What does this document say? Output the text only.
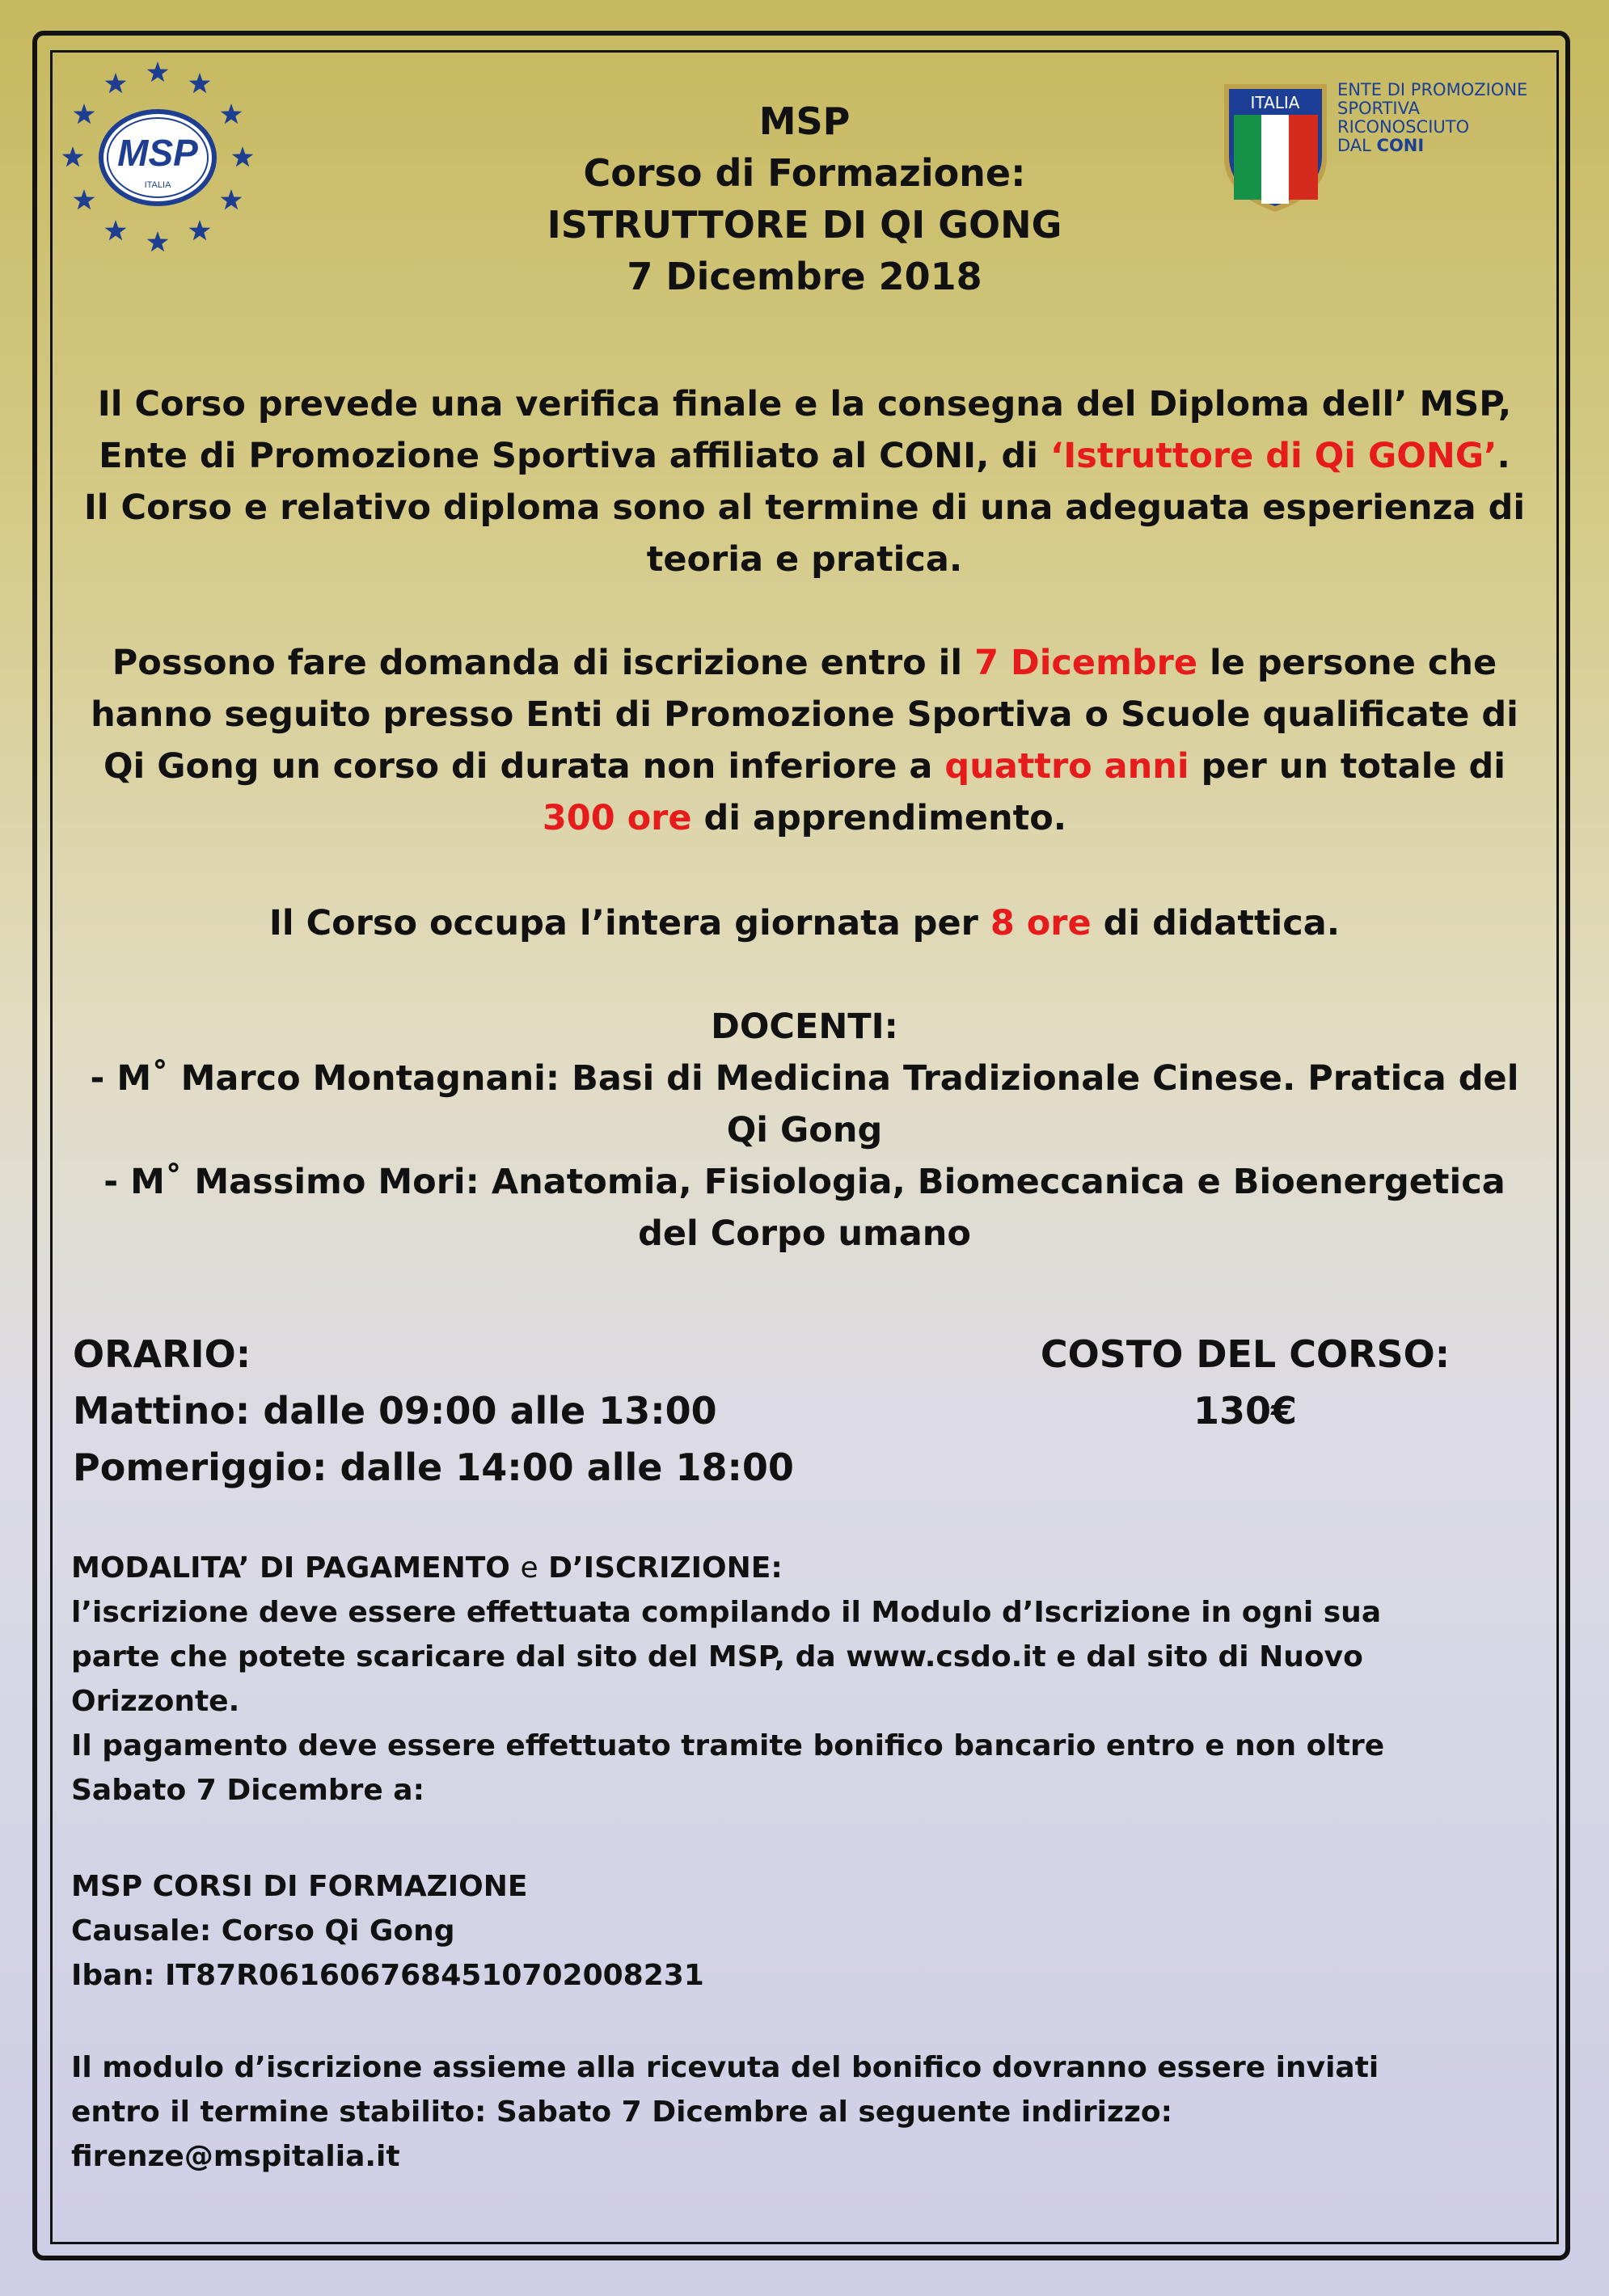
MSP
ITALIA
ITALIA
ENTE DI PROMOZIONE
SPORTIVA
RICONOSCIUTO
DAL CONI
MSP
Corso di Formazione:
ISTRUTTORE DI QI GONG
7 Dicembre 2018
Il Corso prevede una verifica finale e la consegna del Diploma dell’ MSP,
Ente di Promozione Sportiva affiliato al CONI, di ‘Istruttore di Qi GONG’.
Il Corso e relativo diploma sono al termine di una adeguata esperienza di
teoria e pratica.
Possono fare domanda di iscrizione entro il 7 Dicembre le persone che
hanno seguito presso Enti di Promozione Sportiva o Scuole qualificate di
Qi Gong un corso di durata non inferiore a quattro anni per un totale di
300 ore di apprendimento.
Il Corso occupa l’intera giornata per 8 ore di didattica.
DOCENTI:
- M˚ Marco Montagnani: Basi di Medicina Tradizionale Cinese. Pratica del
Qi Gong
- M˚ Massimo Mori: Anatomia, Fisiologia, Biomeccanica e Bioenergetica
del Corpo umano
ORARIO:
Mattino: dalle 09:00 alle 13:00
Pomeriggio: dalle 14:00 alle 18:00
COSTO DEL CORSO:
130€
MODALITA’ DI PAGAMENTO e D’ISCRIZIONE:
l’iscrizione deve essere effettuata compilando il Modulo d’Iscrizione in ogni sua
parte che potete scaricare dal sito del MSP, da www.csdo.it e dal sito di Nuovo
Orizzonte.
Il pagamento deve essere effettuato tramite bonifico bancario entro e non oltre
Sabato 7 Dicembre a:
MSP CORSI DI FORMAZIONE
Causale: Corso Qi Gong
Iban: IT87R0616067684510702008231
Il modulo d’iscrizione assieme alla ricevuta del bonifico dovranno essere inviati
entro il termine stabilito: Sabato 7 Dicembre al seguente indirizzo:
firenze@mspitalia.it
